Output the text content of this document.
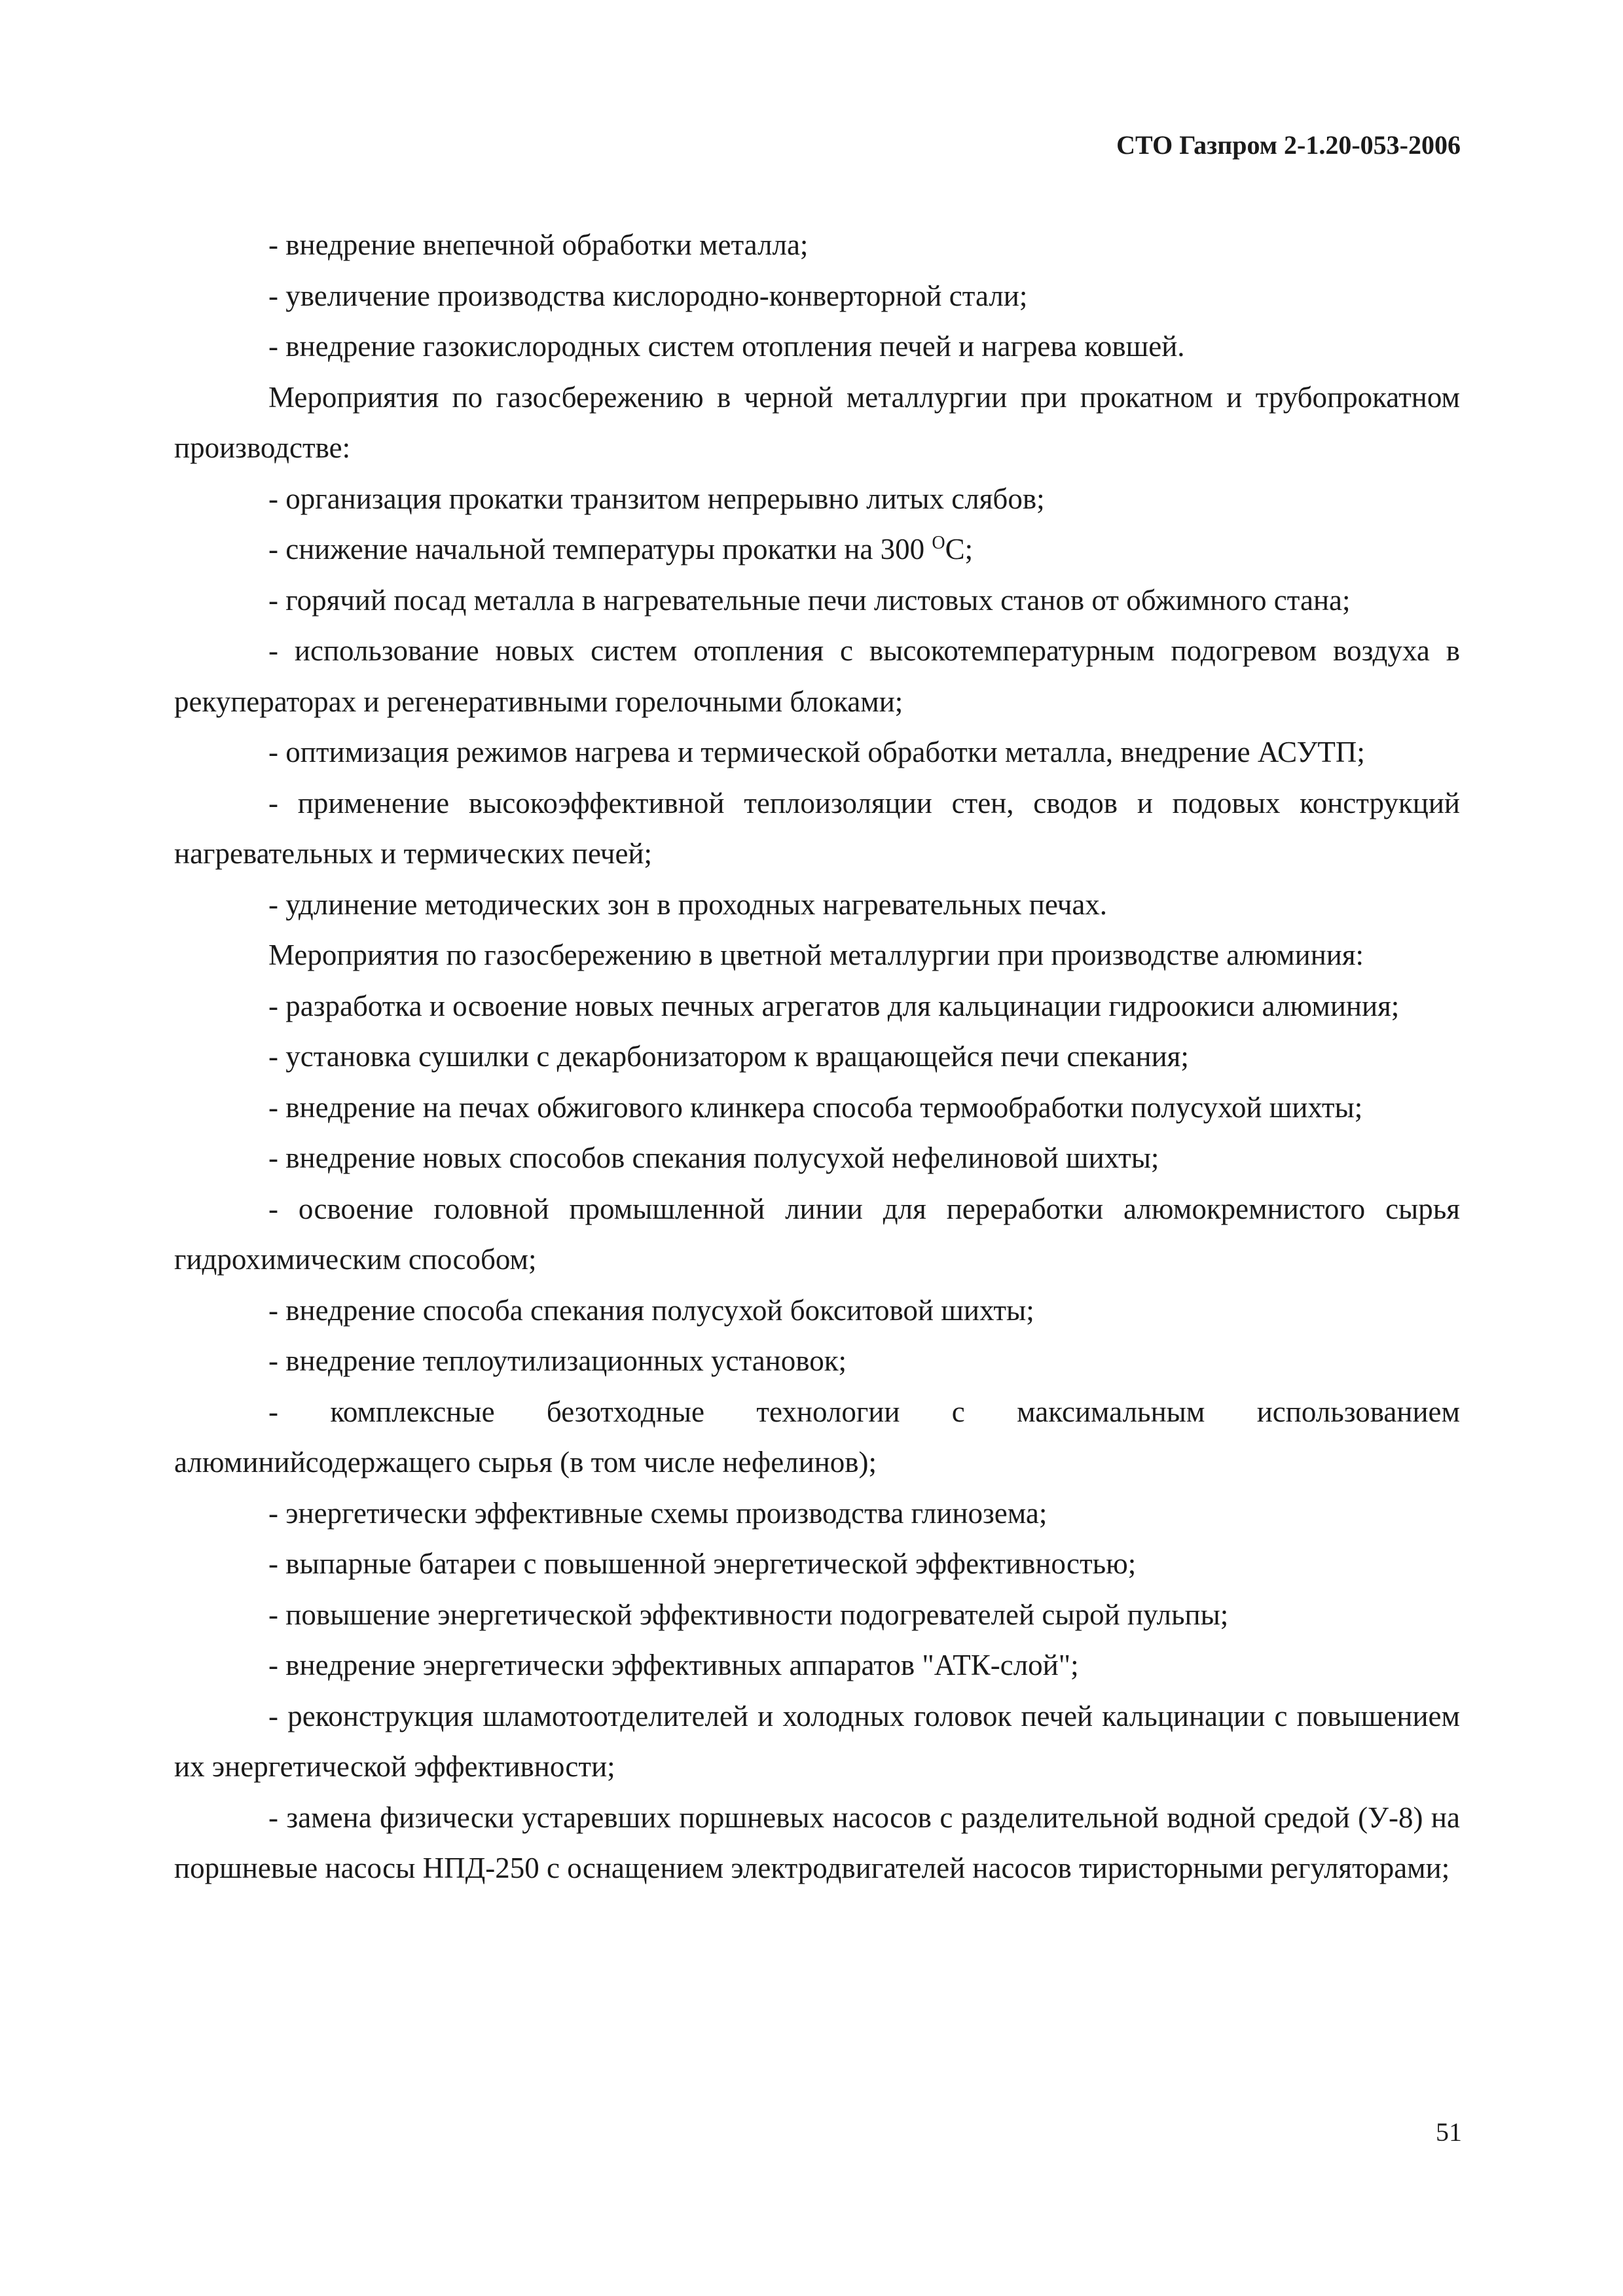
СТО Газпром 2-1.20-053-2006

- внедрение внепечной обработки металла;

- увеличение производства кислородно-конверторной стали;

- внедрение газокислородных систем отопления печей и нагрева ковшей.

Мероприятия по газосбережению в черной металлургии при прокатном и трубопрокатном производстве:

- организация прокатки транзитом непрерывно литых слябов;

- снижение начальной температуры прокатки на 300 $^О$С;

- горячий посад металла в нагревательные печи листовых станов от обжимного стана;

- использование новых систем отопления с высокотемпературным подогревом воздуха в рекуператорах и регенеративными горелочными блоками;

- оптимизация режимов нагрева и термической обработки металла, внедрение АСУТП;

- применение высокоэффективной теплоизоляции стен, сводов и подовых конструкций нагревательных и термических печей;

- удлинение методических зон в проходных нагревательных печах.

Мероприятия по газосбережению в цветной металлургии при производстве алюминия:

- разработка и освоение новых печных агрегатов для кальцинации гидроокиси алюминия;

- установка сушилки с декарбонизатором к вращающейся печи спекания;

- внедрение на печах обжигового клинкера способа термообработки полусухой шихты;

- внедрение новых способов спекания полусухой нефелиновой шихты;

- освоение головной промышленной линии для переработки алюмокремнистого сырья гидрохимическим способом;

- внедрение способа спекания полусухой бокситовой шихты;

- внедрение теплоутилизационных установок;

- комплексные безотходные технологии с максимальным использованием алюминийсодержащего сырья (в том числе нефелинов);

- энергетически эффективные схемы производства глинозема;

- выпарные батареи с повышенной энергетической эффективностью;

- повышение энергетической эффективности подогревателей сырой пульпы;

- внедрение энергетически эффективных аппаратов "АТК-слой";

- реконструкция шламотоотделителей и холодных головок печей кальцинации с повышением их энергетической эффективности;

- замена физически устаревших поршневых насосов с разделительной водной средой (У-8) на поршневые насосы НПД-250 с оснащением электродвигателей насосов тиристорными регуляторами;

51
